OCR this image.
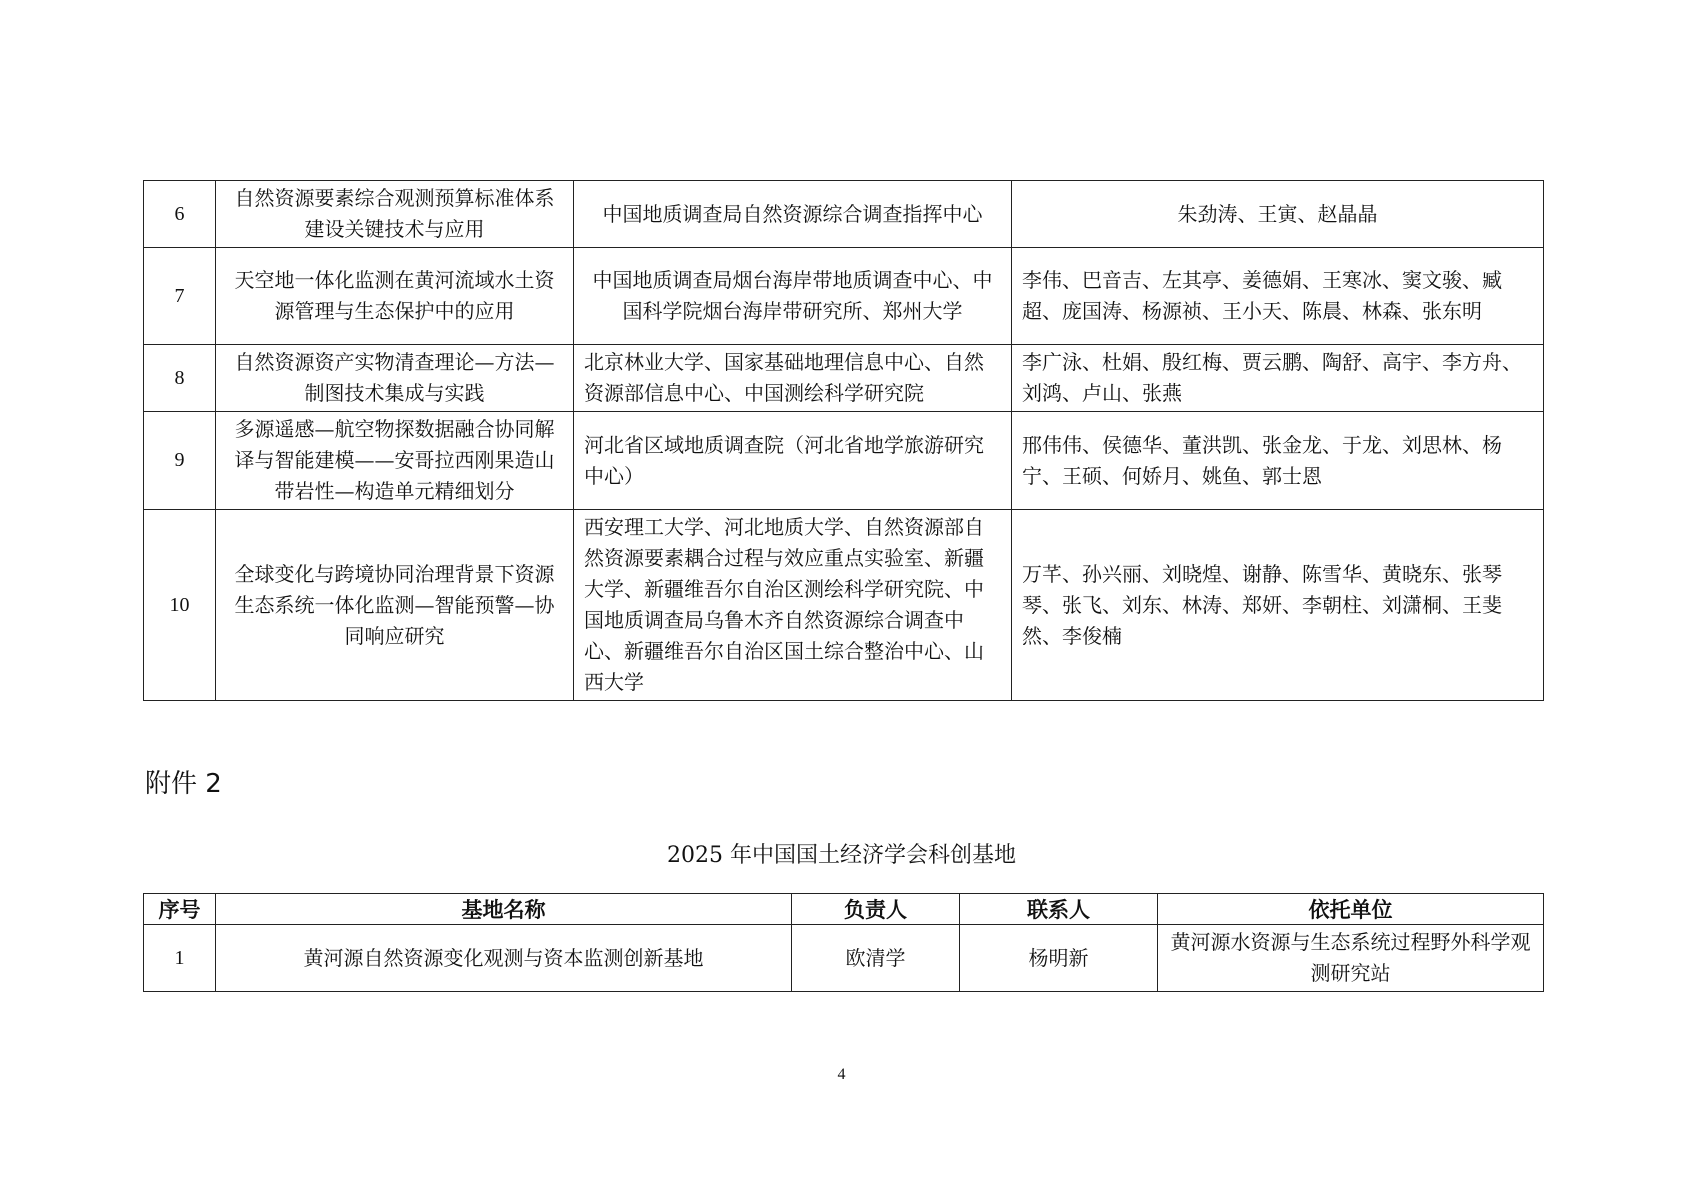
6	自然资源要素综合观测预算标准体系建设关键技术与应用	中国地质调查局自然资源综合调查指挥中心	朱劲涛、王寅、赵晶晶
7	天空地一体化监测在黄河流域水土资源管理与生态保护中的应用	中国地质调查局烟台海岸带地质调查中心、中国科学院烟台海岸带研究所、郑州大学	李伟、巴音吉、左其亭、姜德娟、王寒冰、窦文骏、臧超、庞国涛、杨源祯、王小天、陈晨、林森、张东明
8	自然资源资产实物清查理论—方法—制图技术集成与实践	北京林业大学、国家基础地理信息中心、自然资源部信息中心、中国测绘科学研究院	李广泳、杜娟、殷红梅、贾云鹏、陶舒、高宇、李方舟、刘鸿、卢山、张燕
9	多源遥感—航空物探数据融合协同解译与智能建模——安哥拉西刚果造山带岩性—构造单元精细划分	河北省区域地质调查院（河北省地学旅游研究中心）	邢伟伟、侯德华、董洪凯、张金龙、于龙、刘思林、杨宁、王硕、何娇月、姚鱼、郭士恩
10	全球变化与跨境协同治理背景下资源生态系统一体化监测—智能预警—协同响应研究	西安理工大学、河北地质大学、自然资源部自然资源要素耦合过程与效应重点实验室、新疆大学、新疆维吾尔自治区测绘科学研究院、中国地质调查局乌鲁木齐自然资源综合调查中心、新疆维吾尔自治区国土综合整治中心、山西大学	万芊、孙兴丽、刘晓煌、谢静、陈雪华、黄晓东、张琴琴、张飞、刘东、林涛、郑妍、李朝柱、刘潇桐、王斐然、李俊楠
附件 2
2025 年中国国土经济学会科创基地
序号	基地名称	负责人	联系人	依托单位
1	黄河源自然资源变化观测与资本监测创新基地	欧清学	杨明新	黄河源水资源与生态系统过程野外科学观测研究站
4
